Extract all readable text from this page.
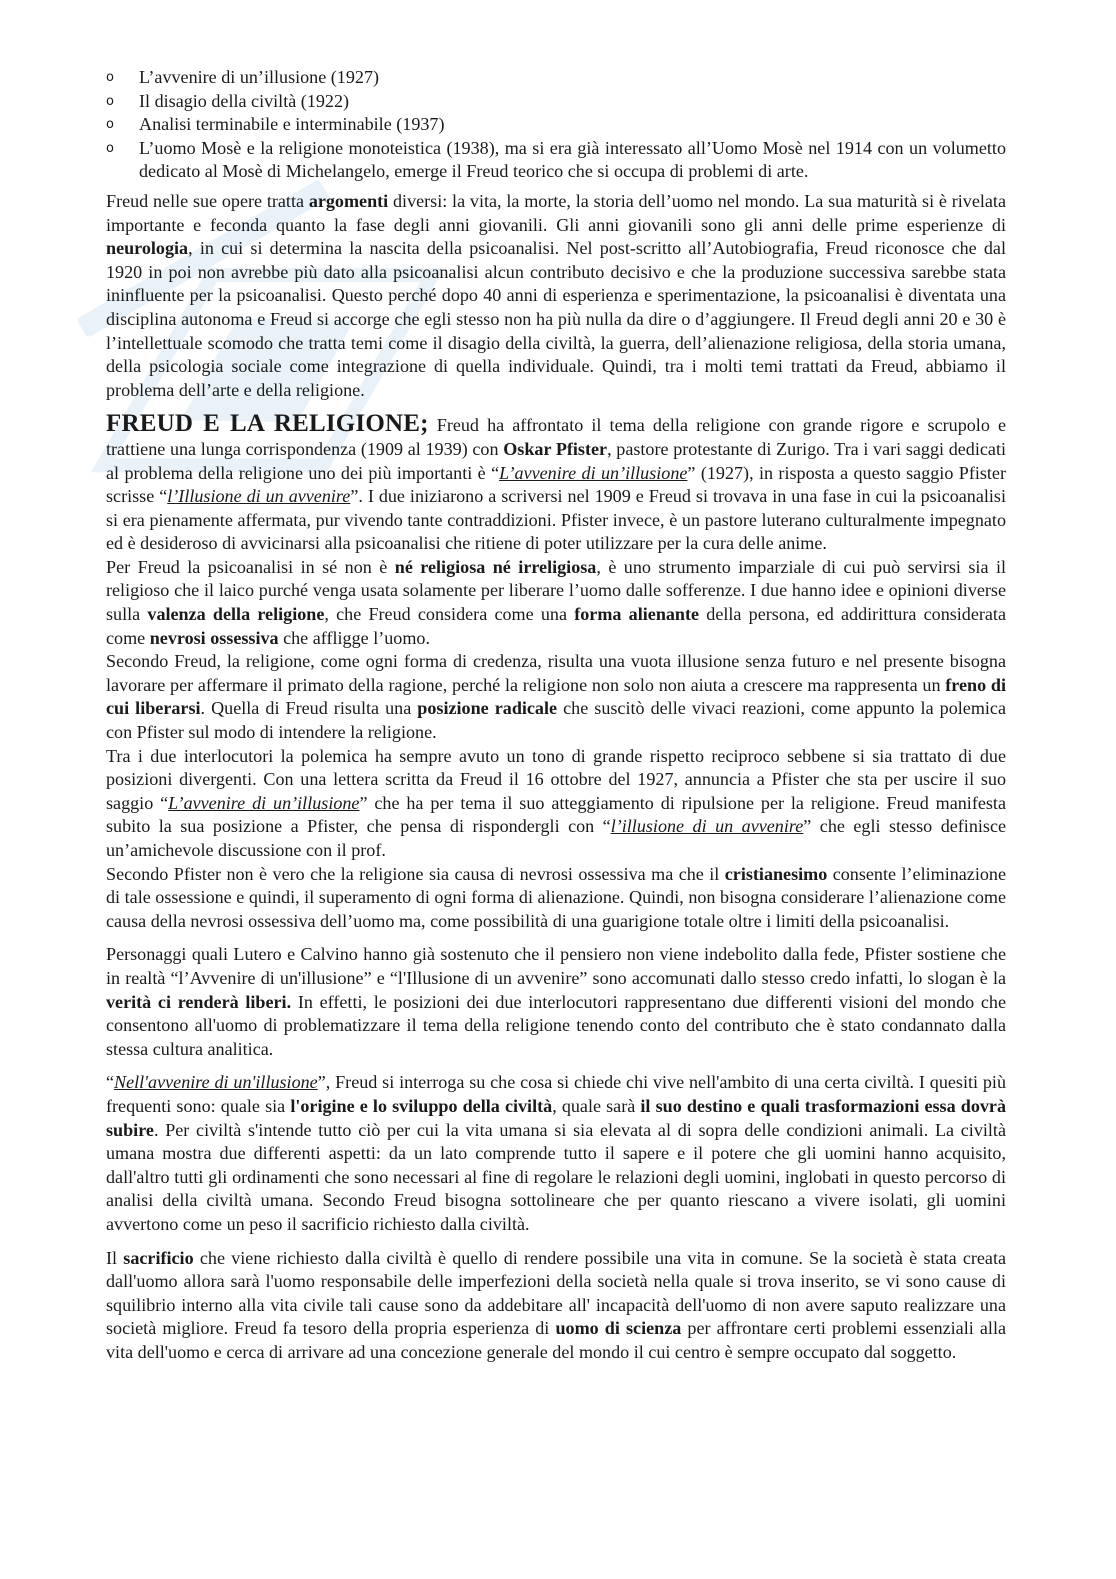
o L’avvenire di un’illusione (1927)
o Il disagio della civiltà (1922)
o Analisi terminabile e interminabile (1937)
o L’uomo Mosè e la religione monoteistica (1938), ma si era già interessato all’Uomo Mosè nel 1914 con un volumetto dedicato al Mosè di Michelangelo, emerge il Freud teorico che si occupa di problemi di arte.

Freud nelle sue opere tratta argomenti diversi: la vita, la morte, la storia dell’uomo nel mondo. La sua maturità si è rivelata importante e feconda quanto la fase degli anni giovanili. Gli anni giovanili sono gli anni delle prime esperienze di neurologia, in cui si determina la nascita della psicoanalisi. Nel post-scritto all’Autobiografia, Freud riconosce che dal 1920 in poi non avrebbe più dato alla psicoanalisi alcun contributo decisivo e che la produzione successiva sarebbe stata ininfluente per la psicoanalisi. Questo perché dopo 40 anni di esperienza e sperimentazione, la psicoanalisi è diventata una disciplina autonoma e Freud si accorge che egli stesso non ha più nulla da dire o d’aggiungere. Il Freud degli anni 20 e 30 è l’intellettuale scomodo che tratta temi come il disagio della civiltà, la guerra, dell’alienazione religiosa, della storia umana, della psicologia sociale come integrazione di quella individuale. Quindi, tra i molti temi trattati da Freud, abbiamo il problema dell’arte e della religione.

FREUD E LA RELIGIONE; Freud ha affrontato il tema della religione con grande rigore e scrupolo e trattiene una lunga corrispondenza (1909 al 1939) con Oskar Pfister, pastore protestante di Zurigo. Tra i vari saggi dedicati al problema della religione uno dei più importanti è “L’avvenire di un’illusione” (1927), in risposta a questo saggio Pfister scrisse “l’Illusione di un avvenire”. I due iniziarono a scriversi nel 1909 e Freud si trovava in una fase in cui la psicoanalisi si era pienamente affermata, pur vivendo tante contraddizioni. Pfister invece, è un pastore luterano culturalmente impegnato ed è desideroso di avvicinarsi alla psicoanalisi che ritiene di poter utilizzare per la cura delle anime.

Per Freud la psicoanalisi in sé non è né religiosa né irreligiosa, è uno strumento imparziale di cui può servirsi sia il religioso che il laico purché venga usata solamente per liberare l’uomo dalle sofferenze. I due hanno idee e opinioni diverse sulla valenza della religione, che Freud considera come una forma alienante della persona, ed addirittura considerata come nevrosi ossessiva che affligge l’uomo.

Secondo Freud, la religione, come ogni forma di credenza, risulta una vuota illusione senza futuro e nel presente bisogna lavorare per affermare il primato della ragione, perché la religione non solo non aiuta a crescere ma rappresenta un freno di cui liberarsi. Quella di Freud risulta una posizione radicale che suscitò delle vivaci reazioni, come appunto la polemica con Pfister sul modo di intendere la religione.

Tra i due interlocutori la polemica ha sempre avuto un tono di grande rispetto reciproco sebbene si sia trattato di due posizioni divergenti. Con una lettera scritta da Freud il 16 ottobre del 1927, annuncia a Pfister che sta per uscire il suo saggio “L’avvenire di un’illusione” che ha per tema il suo atteggiamento di ripulsione per la religione. Freud manifesta subito la sua posizione a Pfister, che pensa di rispondergli con “l’illusione di un avvenire” che egli stesso definisce un’amichevole discussione con il prof.

Secondo Pfister non è vero che la religione sia causa di nevrosi ossessiva ma che il cristianesimo consente l’eliminazione di tale ossessione e quindi, il superamento di ogni forma di alienazione. Quindi, non bisogna considerare l’alienazione come causa della nevrosi ossessiva dell’uomo ma, come possibilità di una guarigione totale oltre i limiti della psicoanalisi.

Personaggi quali Lutero e Calvino hanno già sostenuto che il pensiero non viene indebolito dalla fede, Pfister sostiene che in realtà “l’Avvenire di un'illusione” e “l'Illusione di un avvenire” sono accomunati dallo stesso credo infatti, lo slogan è la verità ci renderà liberi. In effetti, le posizioni dei due interlocutori rappresentano due differenti visioni del mondo che consentono all'uomo di problematizzare il tema della religione tenendo conto del contributo che è stato condannato dalla stessa cultura analitica.

“Nell'avvenire di un'illusione”, Freud si interroga su che cosa si chiede chi vive nell'ambito di una certa civiltà. I quesiti più frequenti sono: quale sia l'origine e lo sviluppo della civiltà, quale sarà il suo destino e quali trasformazioni essa dovrà subire. Per civiltà s'intende tutto ciò per cui la vita umana si sia elevata al di sopra delle condizioni animali. La civiltà umana mostra due differenti aspetti: da un lato comprende tutto il sapere e il potere che gli uomini hanno acquisito, dall'altro tutti gli ordinamenti che sono necessari al fine di regolare le relazioni degli uomini, inglobati in questo percorso di analisi della civiltà umana. Secondo Freud bisogna sottolineare che per quanto riescano a vivere isolati, gli uomini avvertono come un peso il sacrificio richiesto dalla civiltà.

Il sacrificio che viene richiesto dalla civiltà è quello di rendere possibile una vita in comune. Se la società è stata creata dall'uomo allora sarà l'uomo responsabile delle imperfezioni della società nella quale si trova inserito, se vi sono cause di squilibrio interno alla vita civile tali cause sono da addebitare all' incapacità dell'uomo di non avere saputo realizzare una società migliore. Freud fa tesoro della propria esperienza di uomo di scienza per affrontare certi problemi essenziali alla vita dell'uomo e cerca di arrivare ad una concezione generale del mondo il cui centro è sempre occupato dal soggetto.
